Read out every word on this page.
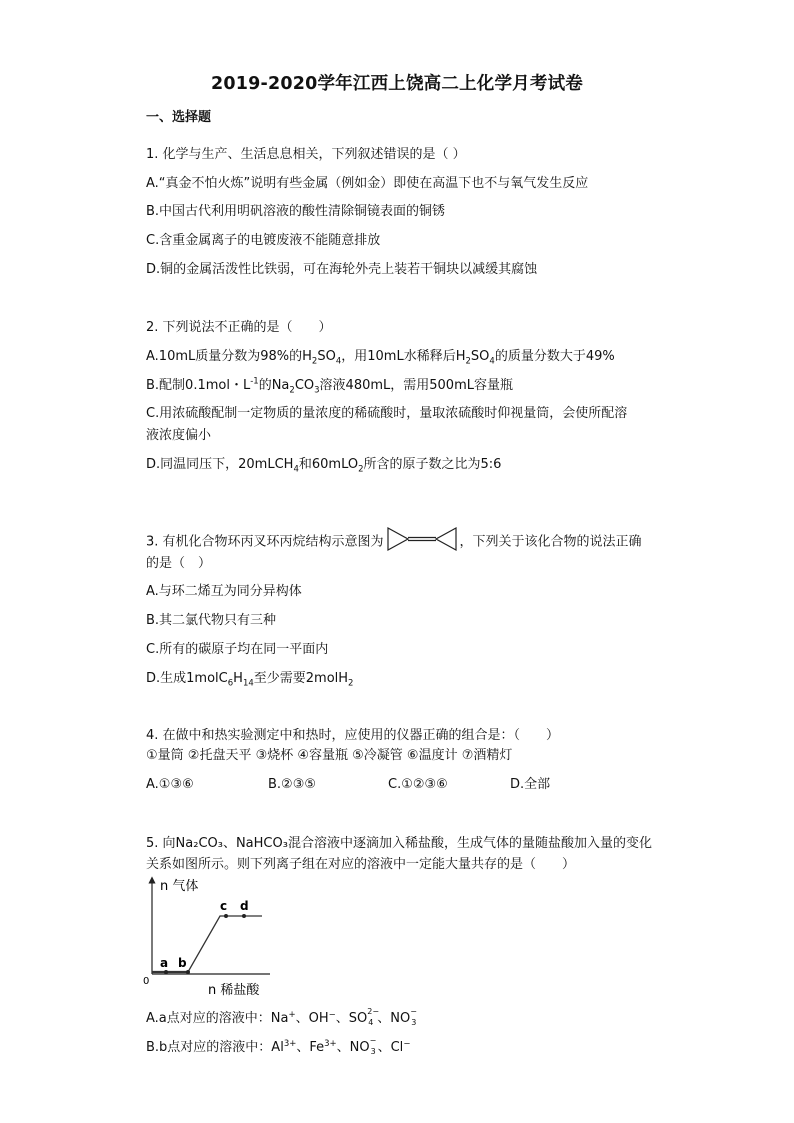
2019-2020学年江西上饶高二上化学月考试卷
一、选择题
1. 化学与生产、生活息息相关，下列叙述错误的是（ ）
A.“真金不怕火炼”说明有些金属（例如金）即使在高温下也不与氧气发生反应
B.中国古代利用明矾溶液的酸性清除铜镜表面的铜锈
C.含重金属离子的电镀废液不能随意排放
D.铜的金属活泼性比铁弱，可在海轮外壳上装若干铜块以减缓其腐蚀
2. 下列说法不正确的是（　　）
A.10mL质量分数为98%的$H_2SO_4$，用10mL水稀释后$H_2SO_4$的质量分数大于49%
B.配制0.1mol・$L^{-1}$的$Na_2CO_3$溶液480mL，需用500mL容量瓶
C.用浓硫酸配制一定物质的量浓度的稀硫酸时，量取浓硫酸时仰视量筒，会使所配溶
液浓度偏小
D.同温同压下，20mLCH$_4$和60mLO$_2$所含的原子数之比为5:6
3. 有机化合物环丙叉环丙烷结构示意图为	，下列关于该化合物的说法正确
的是（　）
A.与环二烯互为同分异构体
B.其二氯代物只有三种
C.所有的碳原子均在同一平面内
D.生成$1molC_6H_{14}$至少需要2molH$_2$
4. 在做中和热实验测定中和热时，应使用的仪器正确的组合是：（　　）
①量筒 ②托盘天平 ③烧杯 ④容量瓶 ⑤冷凝管 ⑥温度计 ⑦酒精灯
A.①③⑥	B.②③⑤	C.①②③⑥	D.全部
5. 向Na₂CO₃、NaHCO₃混合溶液中逐滴加入稀盐酸，生成气体的量随盐酸加入量的变化
关系如图所示。则下列离子组在对应的溶液中一定能大量共存的是（　　）
n 气体
0
a b
c d
n 稀盐酸
A.a点对应的溶液中：Na+、OH−、SO 2−
4 、NO −
3
B.b点对应的溶液中：$Al^{3+}$、$Fe^{3+}$、NO −
3 、Cl−
